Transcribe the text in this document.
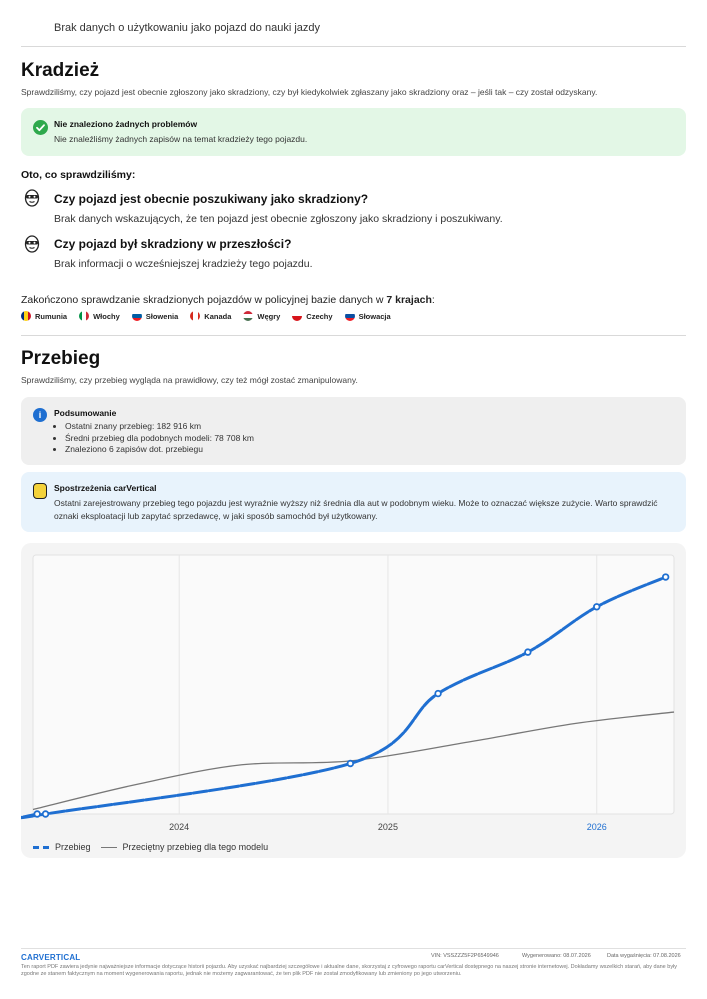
Brak danych o użytkowaniu jako pojazd do nauki jazdy
Kradzież
Sprawdziliśmy, czy pojazd jest obecnie zgłoszony jako skradziony, czy był kiedykolwiek zgłaszany jako skradziony oraz – jeśli tak – czy został odzyskany.
Nie znaleziono żadnych problemów
Nie znaleźliśmy żadnych zapisów na temat kradzieży tego pojazdu.
Oto, co sprawdziliśmy:
Czy pojazd jest obecnie poszukiwany jako skradziony?
Brak danych wskazujących, że ten pojazd jest obecnie zgłoszony jako skradziony i poszukiwany.
Czy pojazd był skradziony w przeszłości?
Brak informacji o wcześniejszej kradzieży tego pojazdu.
Zakończono sprawdzanie skradzionych pojazdów w policyjnej bazie danych w 7 krajach:
Rumunia	Włochy	Słowenia	Kanada	Węgry	Czechy	Słowacja
Przebieg
Sprawdziliśmy, czy przebieg wygląda na prawidłowy, czy też mógł zostać zmanipulowany.
i	Podsumowanie
• Ostatni znany przebieg: 182 916 km
• Średni przebieg dla podobnych modeli: 78 708 km
• Znaleziono 6 zapisów dot. przebiegu
Spostrzeżenia carVertical
Ostatni zarejestrowany przebieg tego pojazdu jest wyraźnie wyższy niż średnia dla aut w podobnym wieku. Może to oznaczać większe zużycie. Warto sprawdzić oznaki eksploatacji lub zapytać sprzedawcę, w jaki sposób samochód był użytkowany.
2024	2025	2026
Przebieg	Przeciętny przebieg dla tego modelu
CARVERTICAL	VIN: VSSZZZ5F2P6549946	Wygenerowano: 08.07.2026	Data wygaśnięcia: 07.08.2026
Ten raport PDF zawiera jedynie najważniejsze informacje dotyczące historii pojazdu. Aby uzyskać najbardziej szczegółowe i aktualne dane, skorzystaj z cyfrowego raportu carVertical dostępnego na naszej stronie internetowej. Dokładamy wszelkich starań, aby dane były zgodne ze stanem faktycznym na moment wygenerowania raportu, jednak nie możemy zagwarantować, że ten plik PDF nie został zmodyfikowany lub zmieniony po jego utworzeniu.
